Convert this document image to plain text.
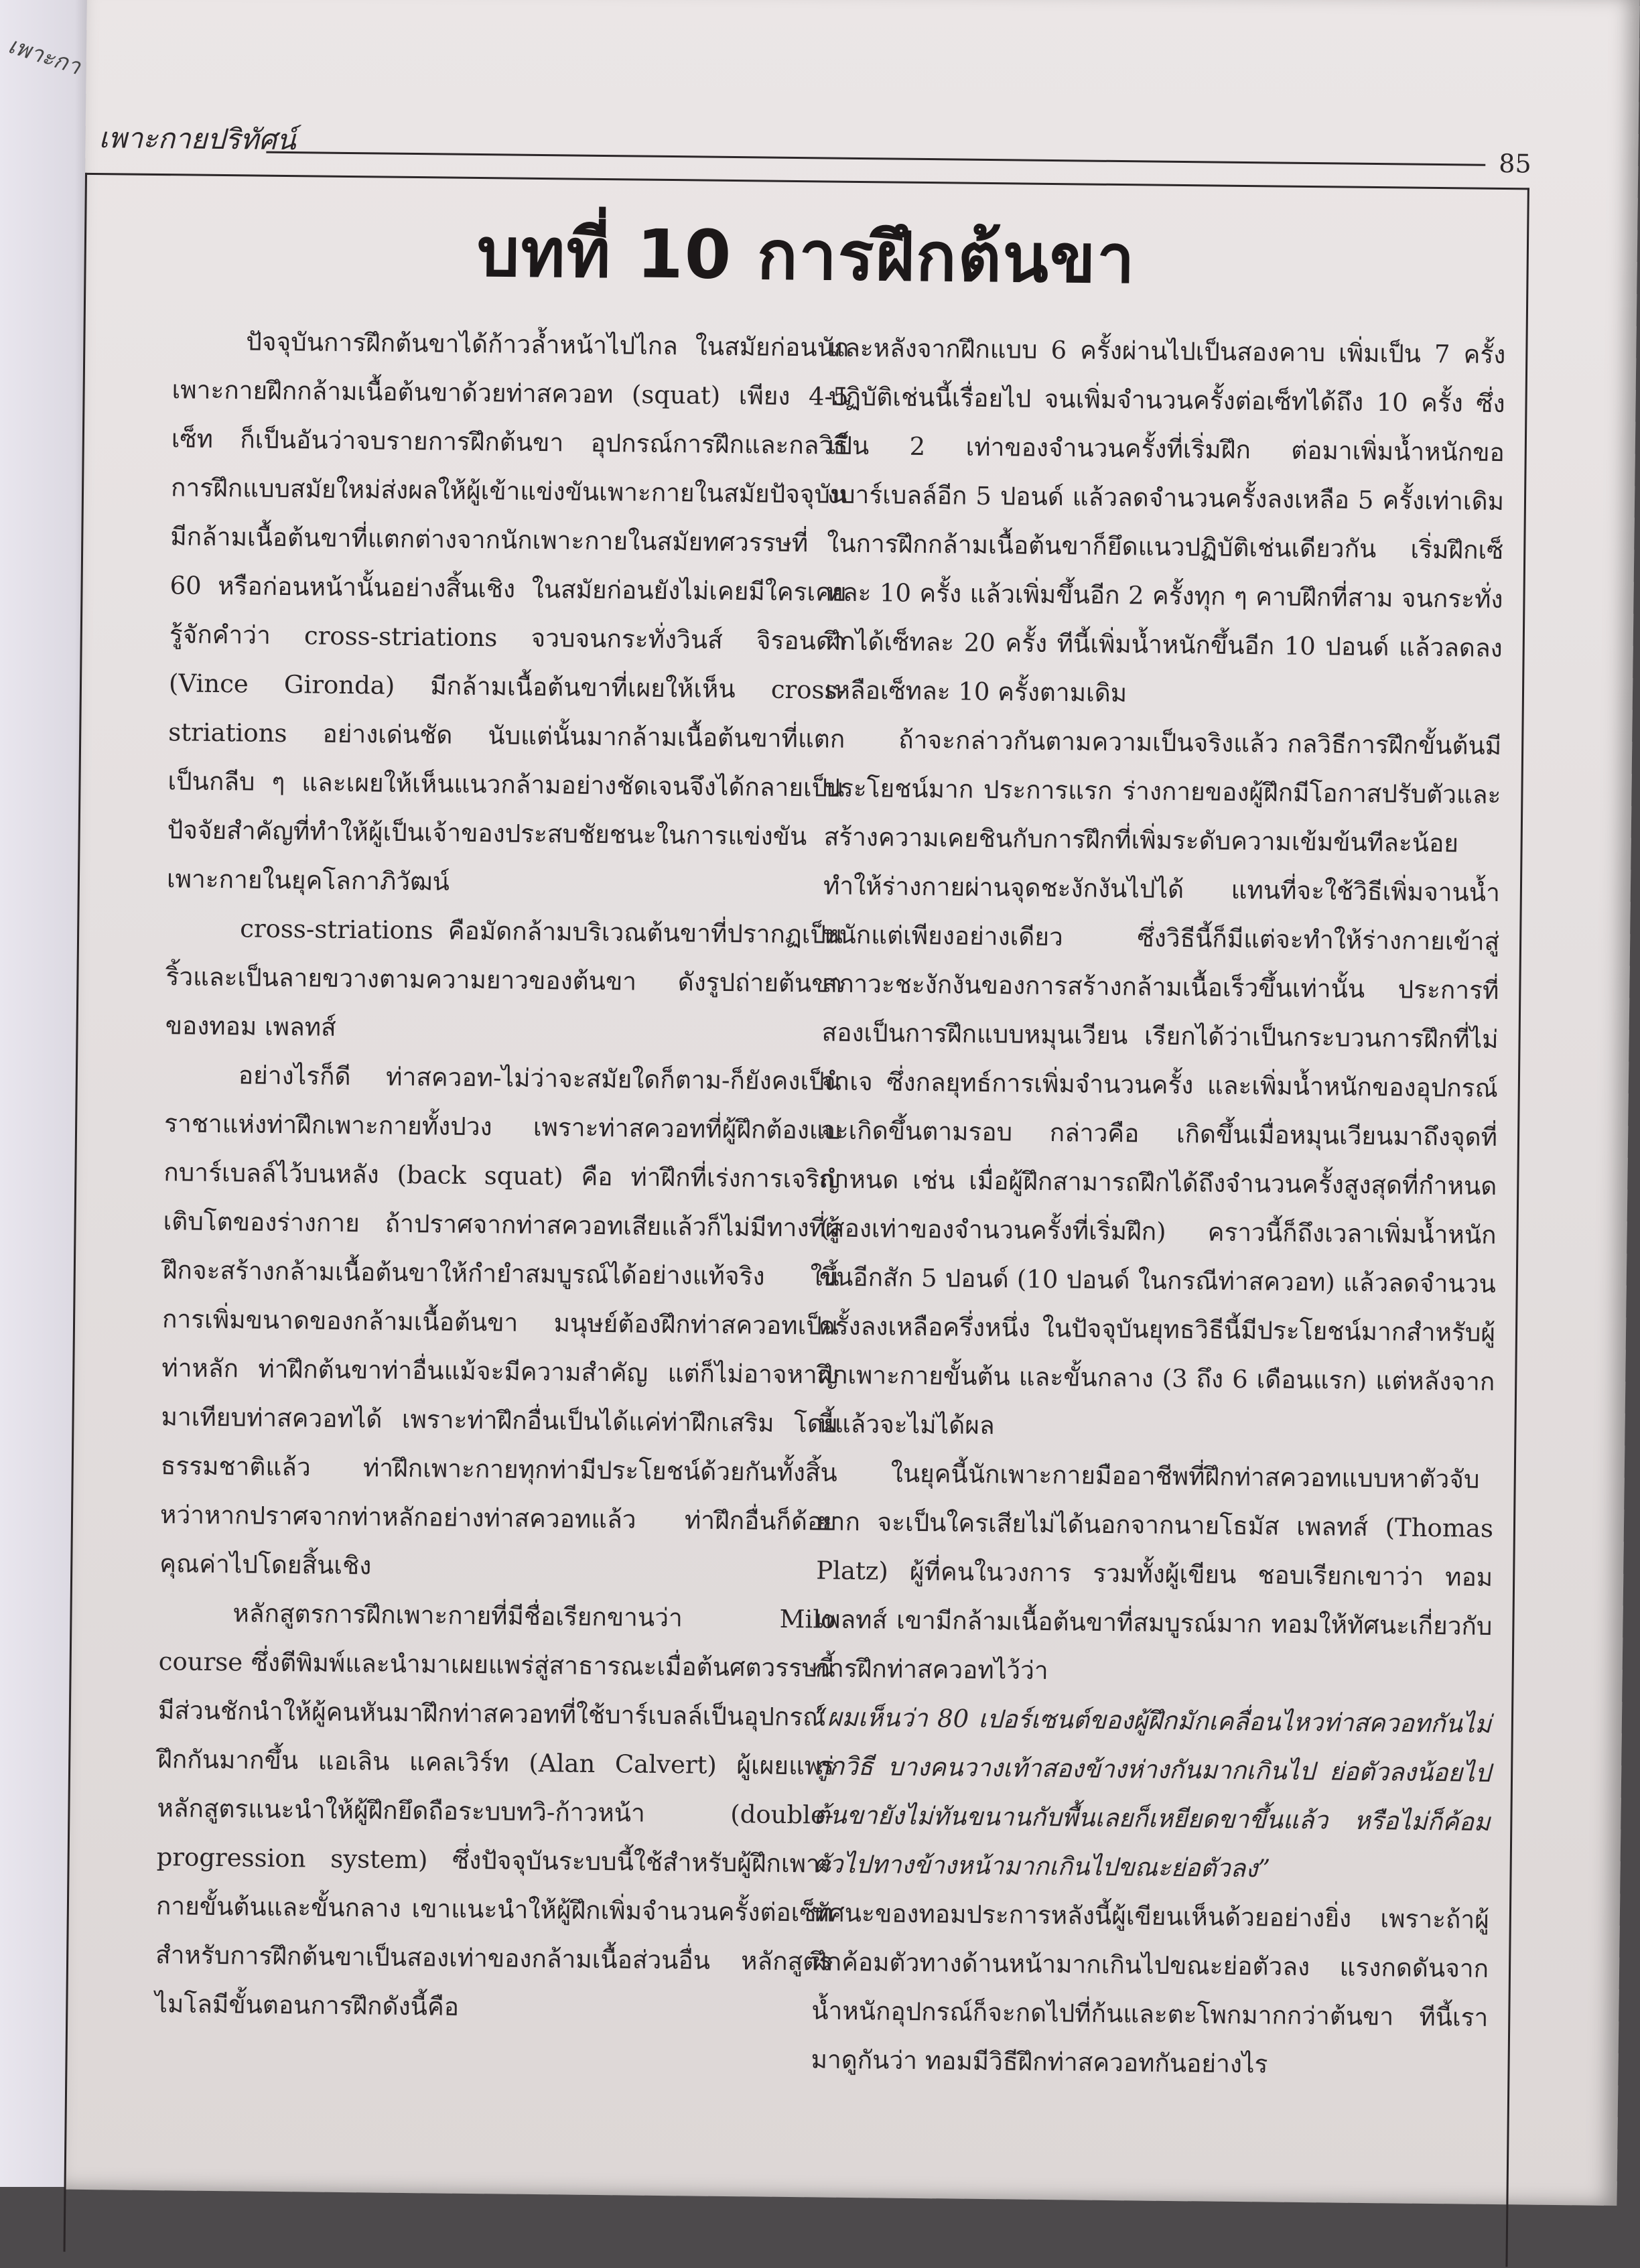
เพาะกา
เพาะกายปริทัศน์
85
บทที่ 10 การฝึกต้นขา

ปัจจุบันการฝึกต้นขาได้ก้าวล้ำหน้าไปไกล ในสมัยก่อนนักเพาะกายฝึกกล้ามเนื้อต้นขาด้วยท่าสควอท (squat) เพียง 4-5 เซ็ท ก็เป็นอันว่าจบรายการฝึกต้นขา อุปกรณ์การฝึกและกลวิธีการฝึกแบบสมัยใหม่ส่งผลให้ผู้เข้าแข่งขันเพาะกายในสมัยปัจจุบันมีกล้ามเนื้อต้นขาที่แตกต่างจากนักเพาะกายในสมัยทศวรรษที่ 60 หรือก่อนหน้านั้นอย่างสิ้นเชิง ในสมัยก่อนยังไม่เคยมีใครเคยรู้จักคำว่า cross-striations จวบจนกระทั่งวินส์ จิรอนดา (Vince Gironda) มีกล้ามเนื้อต้นขาที่เผยให้เห็น cross-striations อย่างเด่นชัด นับแต่นั้นมากล้ามเนื้อต้นขาที่แตกเป็นกลีบ ๆ และเผยให้เห็นแนวกล้ามอย่างชัดเจนจึงได้กลายเป็นปัจจัยสำคัญที่ทำให้ผู้เป็นเจ้าของประสบชัยชนะในการแข่งขันเพาะกายในยุคโลกาภิวัฒน์

cross-striations คือมัดกล้ามบริเวณต้นขาที่ปรากฏเป็นริ้วและเป็นลายขวางตามความยาวของต้นขา ดังรูปถ่ายต้นขาของทอม เพลทส์

อย่างไรก็ดี ท่าสควอท-ไม่ว่าจะสมัยใดก็ตาม-ก็ยังคงเป็นราชาแห่งท่าฝึกเพาะกายทั้งปวง เพราะท่าสควอทที่ผู้ฝึกต้องแบกบาร์เบลล์ไว้บนหลัง (back squat) คือ ท่าฝึกที่เร่งการเจริญเติบโตของร่างกาย ถ้าปราศจากท่าสควอทเสียแล้วก็ไม่มีทางที่ผู้ฝึกจะสร้างกล้ามเนื้อต้นขาให้กำยำสมบูรณ์ได้อย่างแท้จริง ในการเพิ่มขนาดของกล้ามเนื้อต้นขา มนุษย์ต้องฝึกท่าสควอทเป็นท่าหลัก ท่าฝึกต้นขาท่าอื่นแม้จะมีความสำคัญ แต่ก็ไม่อาจหาญมาเทียบท่าสควอทได้ เพราะท่าฝึกอื่นเป็นได้แค่ท่าฝึกเสริม โดยธรรมชาติแล้ว ท่าฝึกเพาะกายทุกท่ามีประโยชน์ด้วยกันทั้งสิ้น หว่าหากปราศจากท่าหลักอย่างท่าสควอทแล้ว ท่าฝึกอื่นก็ด้อยคุณค่าไปโดยสิ้นเชิง

หลักสูตรการฝึกเพาะกายที่มีชื่อเรียกขานว่า Milo course ซึ่งตีพิมพ์และนำมาเผยแพร่สู่สาธารณะเมื่อต้นศตวรรษนี้มีส่วนชักนำให้ผู้คนหันมาฝึกท่าสควอทที่ใช้บาร์เบลล์เป็นอุปกรณ์ฝึกกันมากขึ้น แอเลิน แคลเวิร์ท (Alan Calvert) ผู้เผยแพร่หลักสูตรแนะนำให้ผู้ฝึกยึดถือระบบทวิ-ก้าวหน้า (double-progression system) ซึ่งปัจจุบันระบบนี้ใช้สำหรับผู้ฝึกเพาะกายขั้นต้นและขั้นกลาง เขาแนะนำให้ผู้ฝึกเพิ่มจำนวนครั้งต่อเซ็ทสำหรับการฝึกต้นขาเป็นสองเท่าของกล้ามเนื้อส่วนอื่น หลักสูตรไมโลมีขั้นตอนการฝึกดังนี้คือ

และหลังจากฝึกแบบ 6 ครั้งผ่านไปเป็นสองคาบ เพิ่มเป็น 7 ครั้ง ปฏิบัติเช่นนี้เรื่อยไป จนเพิ่มจำนวนครั้งต่อเซ็ทได้ถึง 10 ครั้ง ซึ่งเป็น 2 เท่าของจำนวนครั้งที่เริ่มฝึก ต่อมาเพิ่มน้ำหนักของบาร์เบลล์อีก 5 ปอนด์ แล้วลดจำนวนครั้งลงเหลือ 5 ครั้งเท่าเดิม ในการฝึกกล้ามเนื้อต้นขาก็ยึดแนวปฏิบัติเช่นเดียวกัน เริ่มฝึกเซ็ทละ 10 ครั้ง แล้วเพิ่มขึ้นอีก 2 ครั้งทุก ๆ คาบฝึกที่สาม จนกระทั่งฝึกได้เซ็ทละ 20 ครั้ง ทีนี้เพิ่มน้ำหนักขึ้นอีก 10 ปอนด์ แล้วลดลงเหลือเซ็ทละ 10 ครั้งตามเดิม

ถ้าจะกล่าวกันตามความเป็นจริงแล้ว กลวิธีการฝึกขั้นต้นมีประโยชน์มาก ประการแรก ร่างกายของผู้ฝึกมีโอกาสปรับตัวและสร้างความเคยชินกับการฝึกที่เพิ่มระดับความเข้มข้นทีละน้อยทำให้ร่างกายผ่านจุดชะงักงันไปได้ แทนที่จะใช้วิธีเพิ่มจานน้ำหนักแต่เพียงอย่างเดียว ซึ่งวิธีนี้ก็มีแต่จะทำให้ร่างกายเข้าสู่สภาวะชะงักงันของการสร้างกล้ามเนื้อเร็วขึ้นเท่านั้น ประการที่สองเป็นการฝึกแบบหมุนเวียน เรียกได้ว่าเป็นกระบวนการฝึกที่ไม่จำเจ ซึ่งกลยุทธ์การเพิ่มจำนวนครั้ง และเพิ่มน้ำหนักของอุปกรณ์จะเกิดขึ้นตามรอบ กล่าวคือ เกิดขึ้นเมื่อหมุนเวียนมาถึงจุดที่กำหนด เช่น เมื่อผู้ฝึกสามารถฝึกได้ถึงจำนวนครั้งสูงสุดที่กำหนด (สองเท่าของจำนวนครั้งที่เริ่มฝึก) คราวนี้ก็ถึงเวลาเพิ่มน้ำหนักขึ้นอีกสัก 5 ปอนด์ (10 ปอนด์ ในกรณีท่าสควอท) แล้วลดจำนวนครั้งลงเหลือครึ่งหนึ่ง ในปัจจุบันยุทธวิธีนี้มีประโยชน์มากสำหรับผู้ฝึกเพาะกายขั้นต้น และขั้นกลาง (3 ถึง 6 เดือนแรก) แต่หลังจากนี้แล้วจะไม่ได้ผล

ในยุคนี้นักเพาะกายมืออาชีพที่ฝึกท่าสควอทแบบหาตัวจับยาก จะเป็นใครเสียไม่ได้นอกจากนายโธมัส เพลทส์ (Thomas Platz) ผู้ที่คนในวงการ รวมทั้งผู้เขียน ชอบเรียกเขาว่า ทอม เพลทส์ เขามีกล้ามเนื้อต้นขาที่สมบูรณ์มาก ทอมให้ทัศนะเกี่ยวกับการฝึกท่าสควอทไว้ว่า

“ผมเห็นว่า 80 เปอร์เซนต์ของผู้ฝึกมักเคลื่อนไหวท่าสควอทกันไม่ถูกวิธี บางคนวางเท้าสองข้างห่างกันมากเกินไป ย่อตัวลงน้อยไป ต้นขายังไม่ทันขนานกับพื้นเลยก็เหยียดขาขึ้นแล้ว หรือไม่ก็ค้อมตัวไปทางข้างหน้ามากเกินไปขณะย่อตัวลง”

ทัศนะของทอมประการหลังนี้ผู้เขียนเห็นด้วยอย่างยิ่ง เพราะถ้าผู้ฝึกค้อมตัวทางด้านหน้ามากเกินไปขณะย่อตัวลง แรงกดดันจากน้ำหนักอุปกรณ์ก็จะกดไปที่ก้นและตะโพกมากกว่าต้นขา ทีนี้เรามาดูกันว่า ทอมมีวิธีฝึกท่าสควอทกันอย่างไร
